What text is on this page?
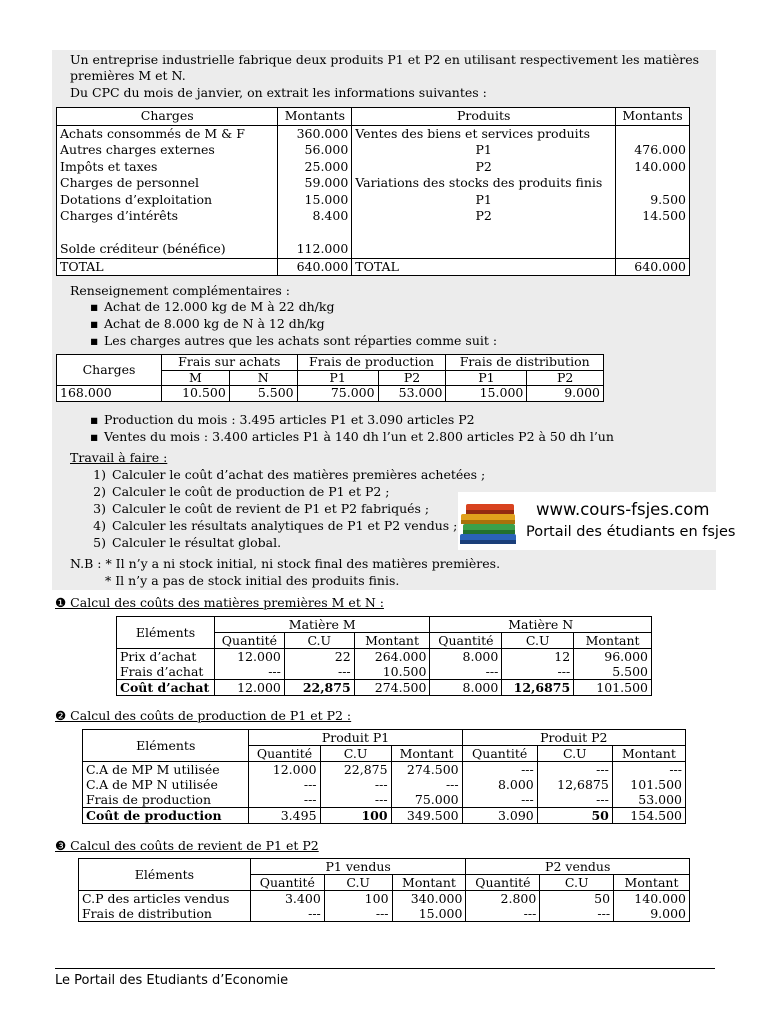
Un entreprise industrielle fabrique deux produits P1 et P2 en utilisant respectivement les matières
premières M et N.
Du CPC du mois de janvier, on extrait les informations suivantes :
Charges	Montants	Produits	Montants
Achats consommés de M & F	360.000	Ventes des biens et services produits	
Autres charges externes	56.000	P1	476.000
Impôts et taxes	25.000	P2	140.000
Charges de personnel	59.000	Variations des stocks des produits finis	
Dotations d’exploitation	15.000	P1	9.500
Charges d’intérêts	8.400	P2	14.500

Solde créditeur (bénéfice)	112.000		
TOTAL	640.000	TOTAL	640.000
Renseignement complémentaires :
▪ Achat de 12.000 kg de M à 22 dh/kg
▪ Achat de 8.000 kg de N à 12 dh/kg
▪ Les charges autres que les achats sont réparties comme suit :
Charges	Frais sur achats		Frais de production		Frais de distribution	
	M	N	P1	P2	P1	P2
168.000	10.500	5.500	75.000	53.000	15.000	9.000
▪ Production du mois : 3.495 articles P1 et 3.090 articles P2
▪ Ventes du mois : 3.400 articles P1 à 140 dh l’un et 2.800 articles P2 à 50 dh l’un
Travail à faire :
1) Calculer le coût d’achat des matières premières achetées ;
2) Calculer le coût de production de P1 et P2 ;
3) Calculer le coût de revient de P1 et P2 fabriqués ;
4) Calculer les résultats analytiques de P1 et P2 vendus ;
5) Calculer le résultat global.
www.cours-fsjes.com
Portail des étudiants en fsjes
N.B : * Il n’y a ni stock initial, ni stock final des matières premières.
* Il n’y a pas de stock initial des produits finis.
❶ Calcul des coûts des matières premières M et N :
Eléments	Matière M			Matière N		
	Quantité	C.U	Montant	Quantité	C.U	Montant
Prix d’achat	12.000	22	264.000	8.000	12	96.000
Frais d’achat	---	---	10.500	---	---	5.500
Coût d’achat	12.000	22,875	274.500	8.000	12,6875	101.500
❷ Calcul des coûts de production de P1 et P2 :
Eléments	Produit P1			Produit P2		
	Quantité	C.U	Montant	Quantité	C.U	Montant
C.A de MP M utilisée	12.000	22,875	274.500	---	---	---
C.A de MP N utilisée	---	---	---	8.000	12,6875	101.500
Frais de production	---	---	75.000	---	---	53.000
Coût de production	3.495	100	349.500	3.090	50	154.500
❸ Calcul des coûts de revient de P1 et P2
Eléments	P1 vendus			P2 vendus		
	Quantité	C.U	Montant	Quantité	C.U	Montant
C.P des articles vendus	3.400	100	340.000	2.800	50	140.000
Frais de distribution	---	---	15.000	---	---	9.000
Le Portail des Etudiants d’Economie
